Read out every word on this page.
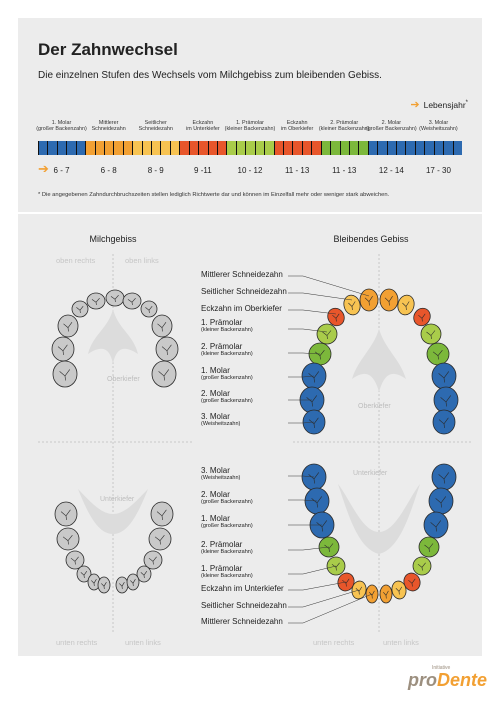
Der Zahnwechsel
Die einzelnen Stufen des Wechsels vom Milchgebiss zum bleibenden Gebiss.
➔ Lebensjahr*
1. Molar
(großer Backenzahn)
6 - 7
Mittlerer
Schneidezahn
6 - 8
Seitlicher
Schneidezahn
8 - 9
Eckzahn
im Unterkiefer
9 -11
1. Prämolar
(kleiner Backenzahn)
10 - 12
Eckzahn
im Oberkiefer
11 - 13
2. Prämolar
(kleiner Backenzahn)
11 - 13
2. Molar
(großer Backenzahn)
12 - 14
3. Molar
(Weisheitszahn)
17 - 30
➔
* Die angegebenen Zahndurchbruchszeiten stellen lediglich Richtwerte dar und können im Einzelfall mehr oder weniger stark abweichen.
Milchgebiss	Bleibendes Gebiss
oben rechts	oben links
Oberkiefer
Unterkiefer
unten rechts	unten links
Oberkiefer
Unterkiefer
unten rechts	unten links
Mittlerer Schneidezahn
Seitlicher Schneidezahn
Eckzahn im Oberkiefer
1. Prämolar
(kleiner Backenzahn)
2. Prämolar
(kleiner Backenzahn)
1. Molar
(großer Backenzahn)
2. Molar
(großer Backenzahn)
3. Molar
(Weisheitszahn)
3. Molar
(Weisheitszahn)
2. Molar
(großer Backenzahn)
1. Molar
(großer Backenzahn)
2. Prämolar
(kleiner Backenzahn)
1. Prämolar
(kleiner Backenzahn)
Eckzahn im Unterkiefer
Seitlicher Schneidezahn
Mittlerer Schneidezahn
Initiative
proDente
